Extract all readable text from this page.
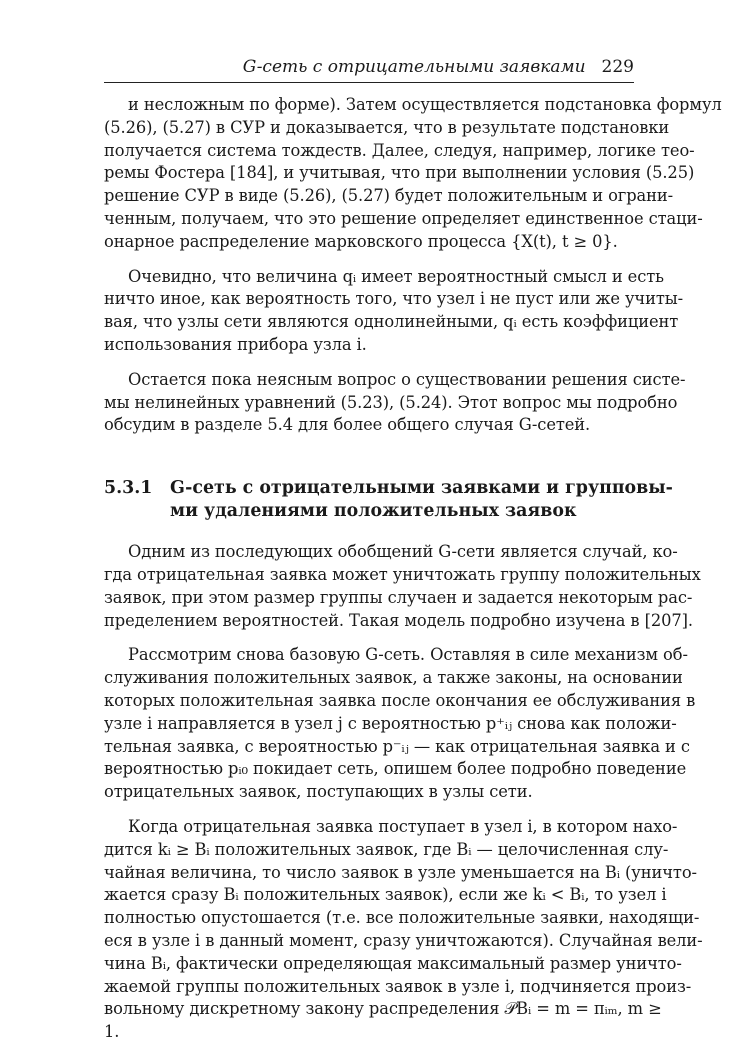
G-сеть с отрицательными заявками 229

и несложным по форме). Затем осуществляется подстановка формул
(5.26), (5.27) в СУР и доказывается, что в результате подстановки
получается система тождеств. Далее, следуя, например, логике тео-
ремы Фостера [184], и учитывая, что при выполнении условия (5.25)
решение СУР в виде (5.26), (5.27) будет положительным и ограни-
ченным, получаем, что это решение определяет единственное стаци-
онарное распределение марковского процесса {X(t), t ≥ 0}.

Очевидно, что величина qᵢ имеет вероятностный смысл и есть
ничто иное, как вероятность того, что узел i не пуст или же учиты-
вая, что узлы сети являются однолинейными, qᵢ есть коэффициент
использования прибора узла i.

Остается пока неясным вопрос о существовании решения систе-
мы нелинейных уравнений (5.23), (5.24). Этот вопрос мы подробно
обсудим в разделе 5.4 для более общего случая G-сетей.

5.3.1	G-сеть с отрицательными заявками и групповы-
ми удалениями положительных заявок

Одним из последующих обобщений G-сети является случай, ко-
гда отрицательная заявка может уничтожать группу положительных
заявок, при этом размер группы случаен и задается некоторым рас-
пределением вероятностей. Такая модель подробно изучена в [207].

Рассмотрим снова базовую G-сеть. Оставляя в силе механизм об-
служивания положительных заявок, а также законы, на основании
которых положительная заявка после окончания ее обслуживания в
узле i направляется в узел j с вероятностью p⁺ᵢⱼ снова как положи-
тельная заявка, с вероятностью p⁻ᵢⱼ — как отрицательная заявка и с
вероятностью pᵢ₀ покидает сеть, опишем более подробно поведение
отрицательных заявок, поступающих в узлы сети.

Когда отрицательная заявка поступает в узел i, в котором нахо-
дится kᵢ ≥ Bᵢ положительных заявок, где Bᵢ — целочисленная слу-
чайная величина, то число заявок в узле уменьшается на Bᵢ (уничто-
жается сразу Bᵢ положительных заявок), если же kᵢ < Bᵢ, то узел i
полностью опустошается (т.е. все положительные заявки, находящи-
еся в узле i в данный момент, сразу уничтожаются). Случайная вели-
чина Bᵢ, фактически определяющая максимальный размер уничто-
жаемой группы положительных заявок в узле i, подчиняется произ-
вольному дискретному закону распределения 𝒫Bᵢ = m = πᵢₘ, m ≥
1.
